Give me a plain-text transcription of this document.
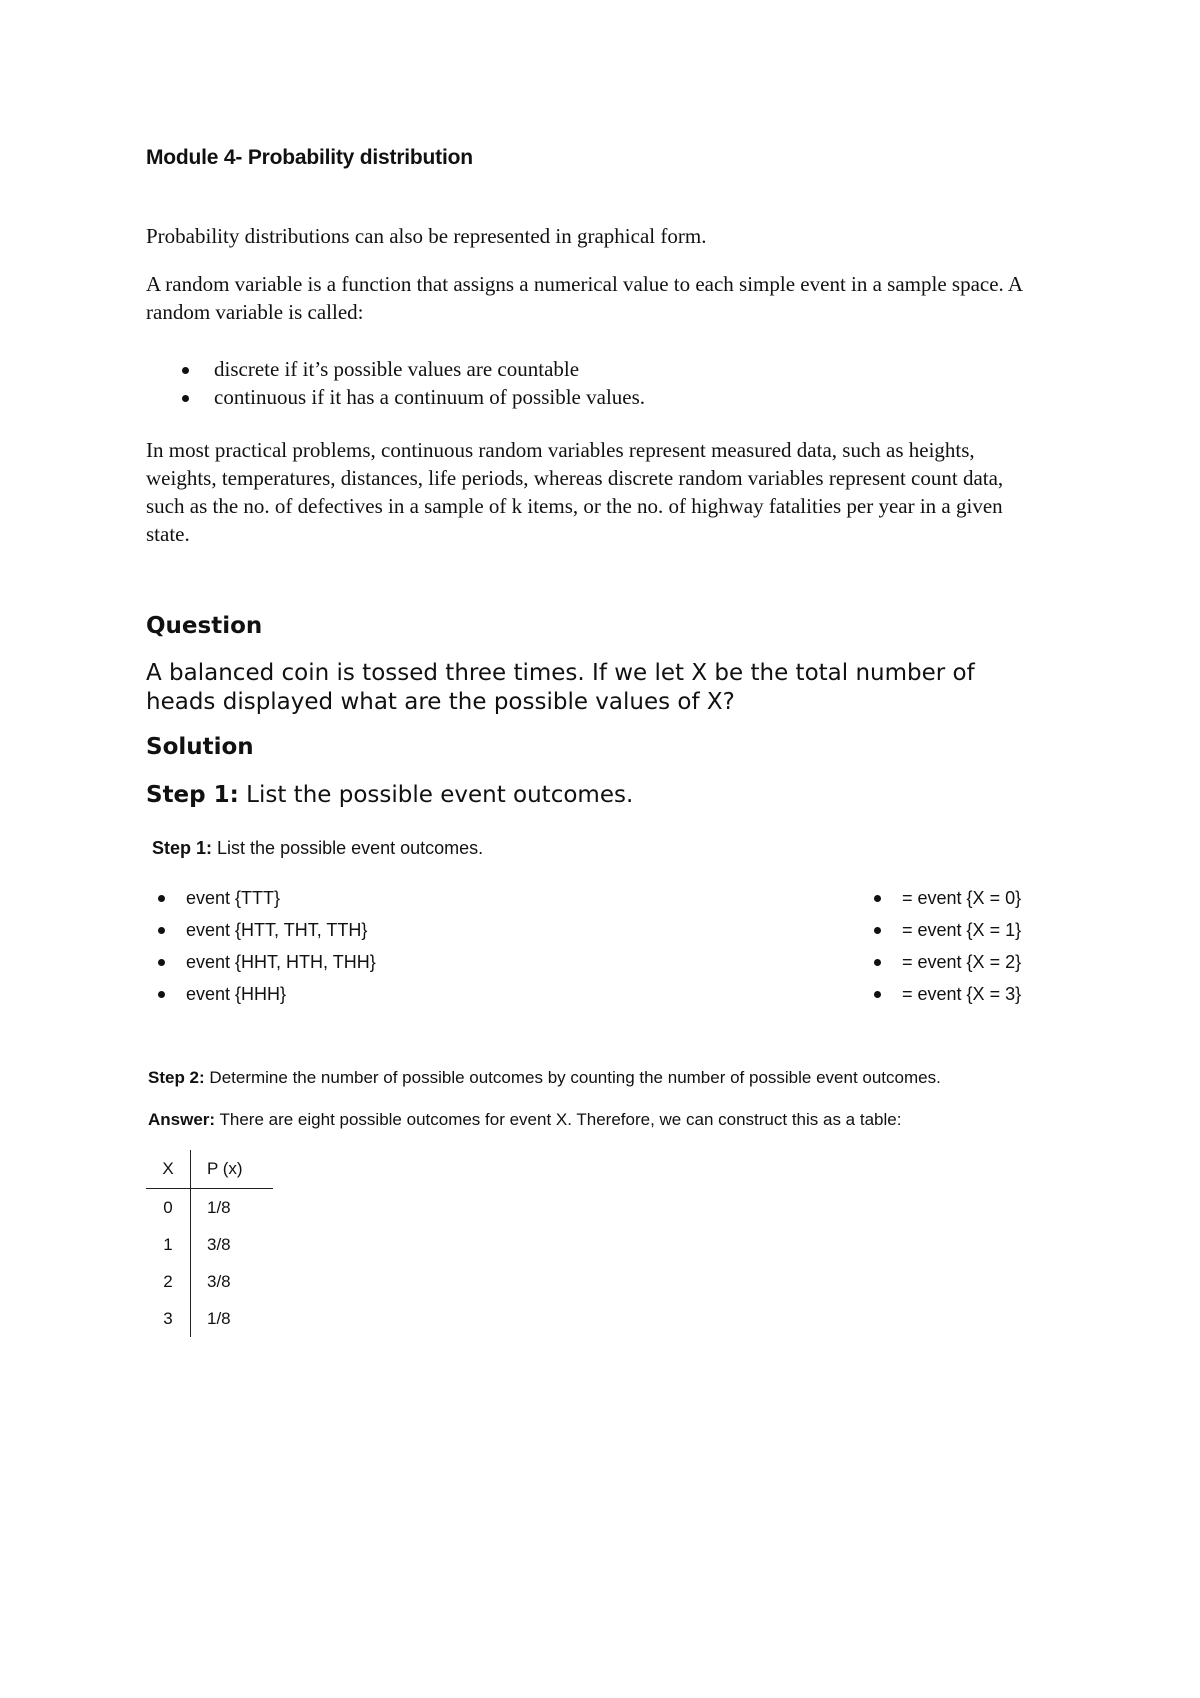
Module 4- Probability distribution
Probability distributions can also be represented in graphical form.
A random variable is a function that assigns a numerical value to each simple event in a sample space. A random variable is called:
discrete if it’s possible values are countable
continuous if it has a continuum of possible values.
In most practical problems, continuous random variables represent measured data, such as heights, weights, temperatures, distances, life periods, whereas discrete random variables represent count data, such as the no. of defectives in a sample of k items, or the no. of highway fatalities per year in a given state.
Question
A balanced coin is tossed three times. If we let X be the total number of heads displayed what are the possible values of X?
Solution
Step 1: List the possible event outcomes.
Step 1: List the possible event outcomes.
event {TTT}
event {HTT, THT, TTH}
event {HHT, HTH, THH}
event {HHH}
= event {X = 0}
= event {X = 1}
= event {X = 2}
= event {X = 3}
Step 2: Determine the number of possible outcomes by counting the number of possible event outcomes.
Answer: There are eight possible outcomes for event X. Therefore, we can construct this as a table:
X	P (x)
0	1/8
1	3/8
2	3/8
3	1/8
